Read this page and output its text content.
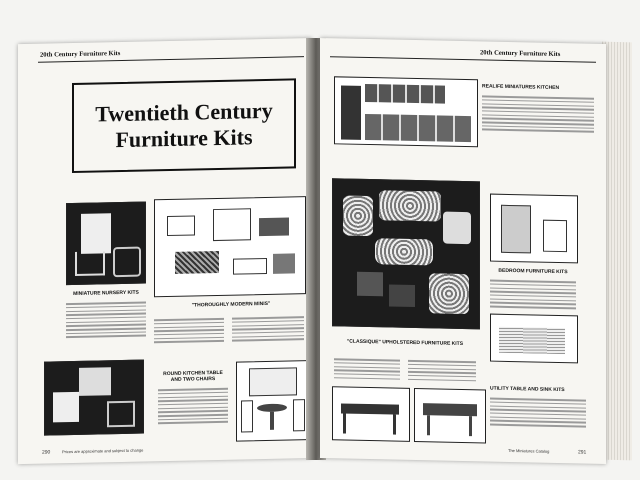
20th Century Furniture Kits
Twentieth Century
Furniture Kits
MINIATURE NURSERY KITS
"THOROUGHLY MODERN MINIS"
ROUND KITCHEN TABLE AND TWO CHAIRS
290	Prices are approximate and subject to change
20th Century Furniture Kits
REALIFE MINIATURES KITCHEN
"CLASSIQUE" UPHOLSTERED FURNITURE KITS
BEDROOM FURNITURE KITS
UTILITY TABLE AND SINK KITS
The Miniatures Catalog	291
